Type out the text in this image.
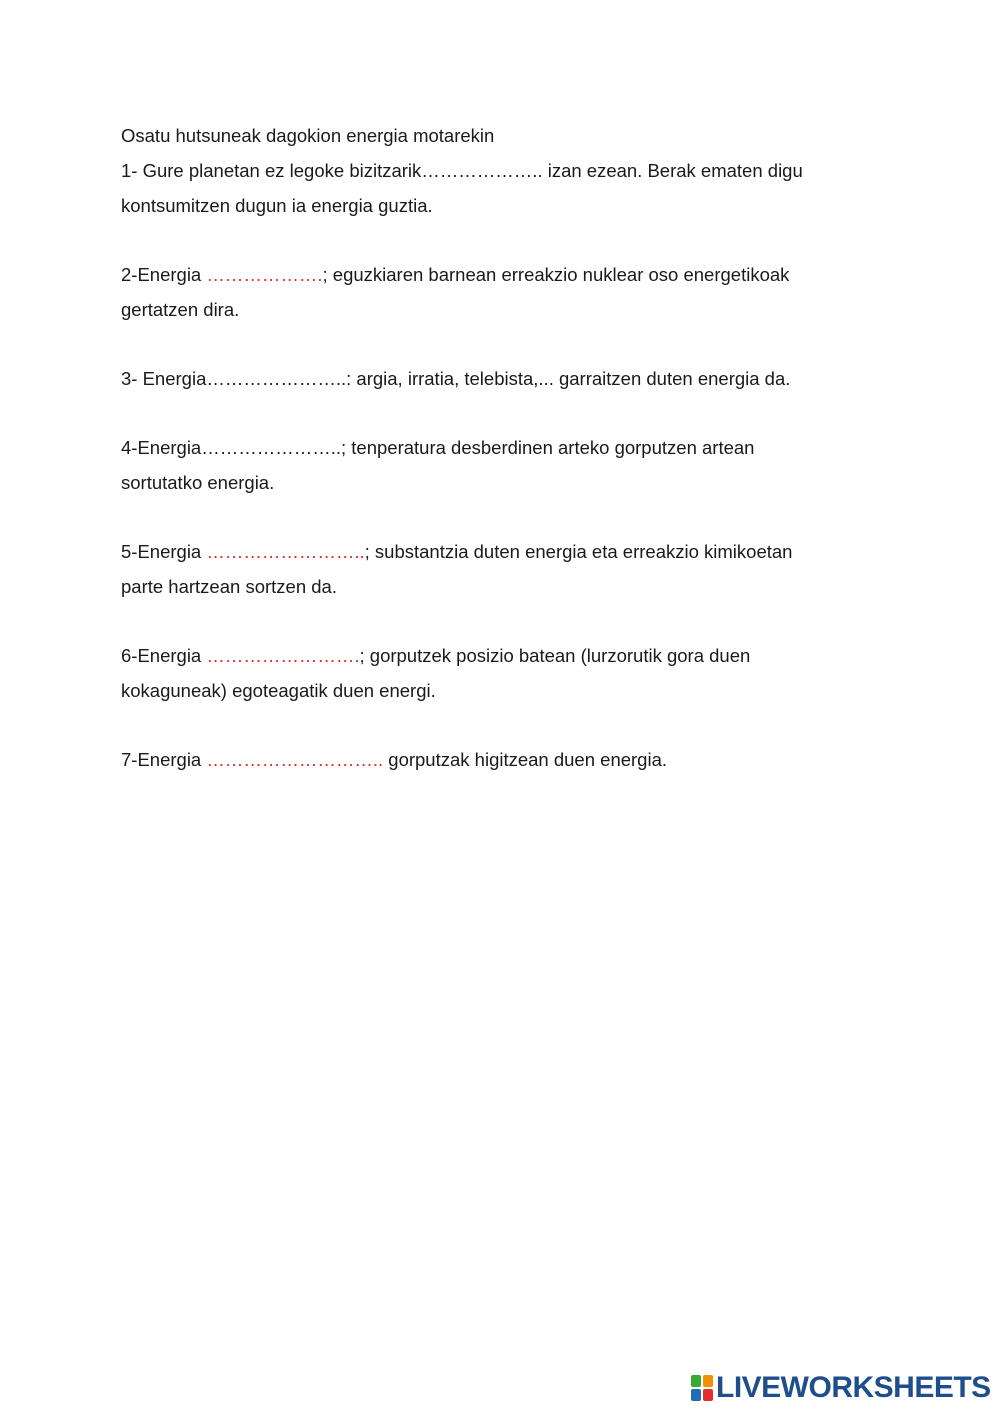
Osatu hutsuneak dagokion energia motarekin
1- Gure planetan ez legoke bizitzarik……………….. izan ezean. Berak ematen digu
kontsumitzen dugun ia energia guztia.
2-Energia ……………….; eguzkiaren barnean erreakzio nuklear oso energetikoak
gertatzen dira.
3- Energia…………………..: argia, irratia, telebista,... garraitzen duten energia da.
4-Energia…………………..; tenperatura desberdinen arteko gorputzen artean
sortutatko energia.
5-Energia ……………………..; substantzia duten energia eta erreakzio kimikoetan
parte hartzean sortzen da.
6-Energia …………………….; gorputzek posizio batean (lurzorutik gora duen
kokaguneak) egoteagatik duen energi.
7-Energia ……………………….. gorputzak higitzean duen energia.
LIVEWORKSHEETS
